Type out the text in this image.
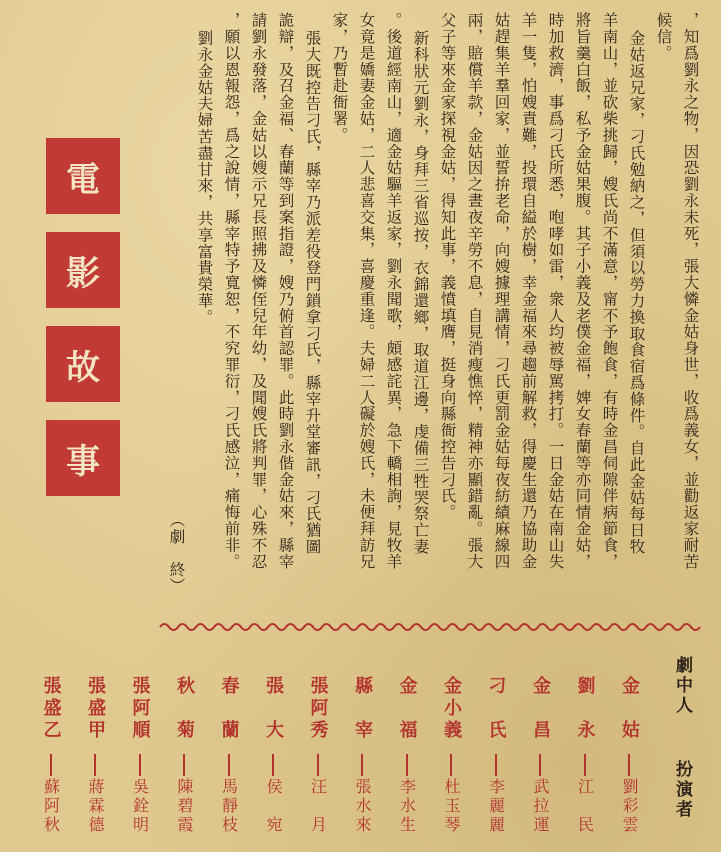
電
影
故
事	，知爲劉永之物，因恐劉永未死，張大憐金姑身世，收爲義女，並勸返家耐苦
候信。
金姑返兄家，刁氏勉納之，但須以勞力換取食宿爲條件。自此金姑每日牧
羊南山，並砍柴挑歸，嫂氏尚不滿意，甯不予飽食，有時金昌伺隙伴病節食，
將旨羹白飯，私予金姑果腹。其子小義及老僕金福，婢女春蘭等亦同情金姑，
時加救濟，事爲刁氏所悉，咆哮如雷，衆人均被辱駡拷打。一日金姑在南山失
羊一隻，怕嫂責難，投環自縊於樹，幸金福來尋趨前解救，得慶生還乃協助金
姑趕集羊羣回家，並誓拚老命，向嫂據理講情，刁氏更罰金姑每夜紡績麻線四
兩，賠償羊款，金姑因之晝夜辛勞不息，自見消瘦憔悴，精神亦顯錯亂。張大
父子等來金家探視金姑，得知此事，義憤填膺，挺身向縣衙控告刁氏。
新科狀元劉永，身拜三省巡按，衣錦還鄉，取道江邊，虔備三牲哭祭亡妻
。後道經南山，適金姑驅羊返家，劉永聞歌，頗感詫異，急下轎相詢，見牧羊
女竟是嬌妻金姑，二人悲喜交集，喜慶重逢。夫婦二人礙於嫂氏，未便拜訪兄
家，乃暫赴衙署。
張大既控告刁氏，縣宰乃派差役登門鎖拿刁氏，縣宰升堂審訊，刁氏猶圖
詭辯，及召金福、春蘭等到案指證，嫂乃俯首認罪。此時劉永偕金姑來，縣宰
請劉永發落，金姑以嫂示兄長照拂及憐侄兒年幼，及聞嫂氏將判罪，心殊不忍
，願以恩報怨，爲之說情，縣宰特予寬恕，不究罪衍，刁氏感泣，痛悔前非。
劉永金姑夫婦苦盡甘來，共享富貴榮華。
（劇　終）
劇中人
扮演者
金　姑
劉彩雲
劉　永
江　民
金　昌
武拉運
刁　氏
李麗麗
金小義
杜玉琴
金　福
李水生
縣　宰
張水來
張阿秀
汪　月
張　大
侯　宛
春　蘭
馬靜枝
秋　菊
陳碧霞
張阿順
吳銓明
張盛甲
蔣霖德
張盛乙
蘇阿秋
